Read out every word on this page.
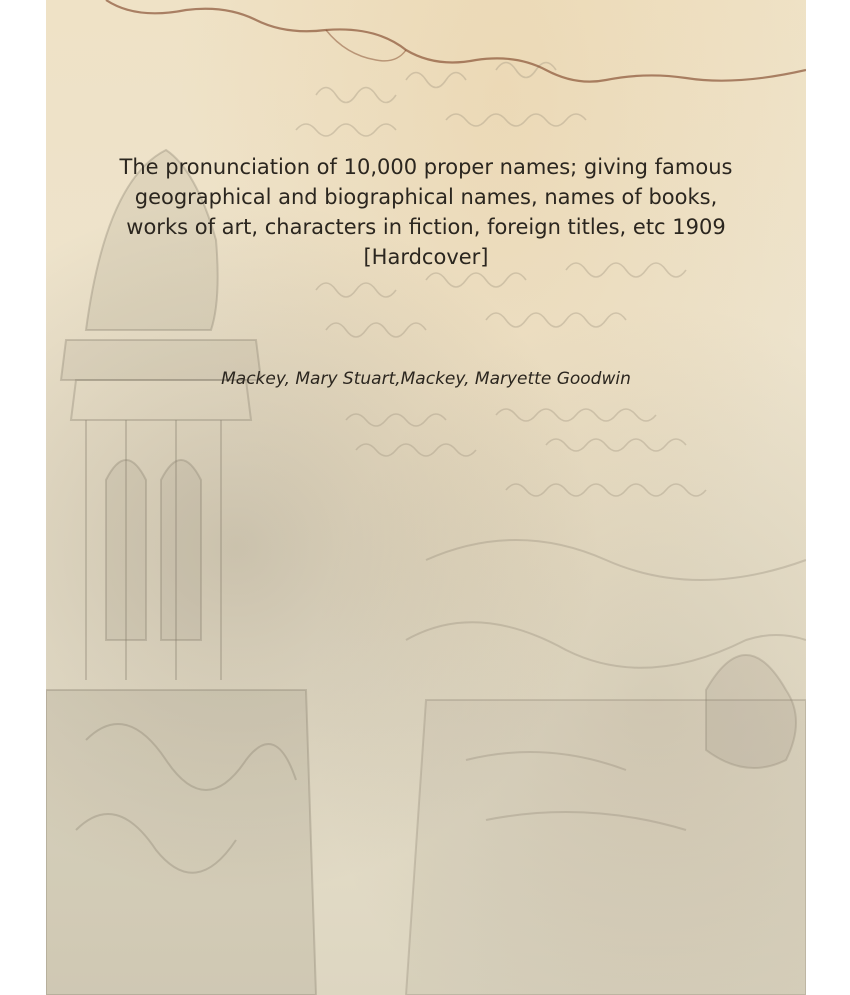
The pronunciation of 10,000 proper names; giving famous geographical and biographical names, names of books, works of art, characters in fiction, foreign titles, etc 1909 [Hardcover]

Mackey, Mary Stuart,Mackey, Maryette Goodwin
